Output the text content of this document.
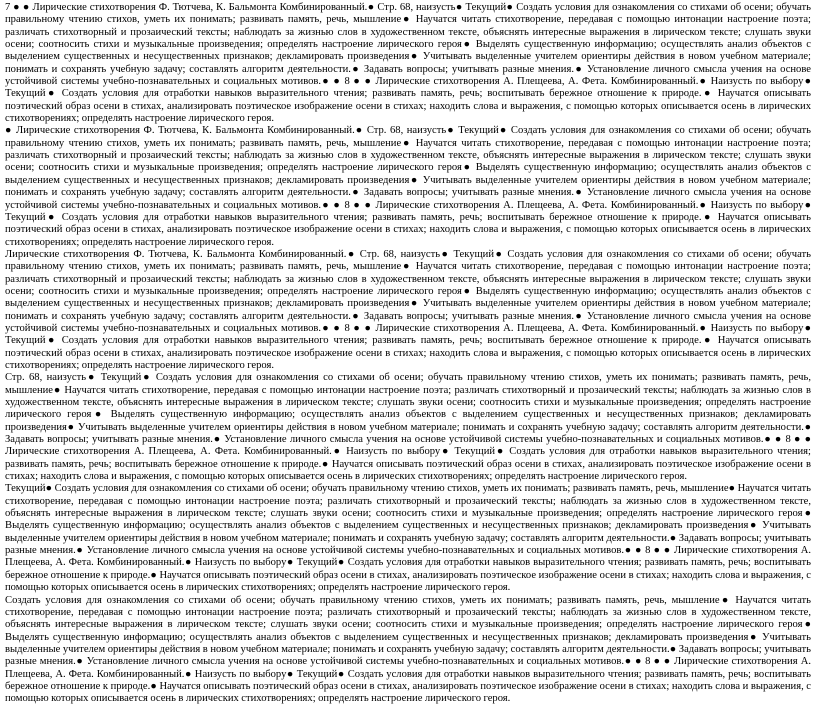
7 ● ● Лирические стихотворения Ф. Тютчева, К. Бальмонта Комбинированный.● Стр. 68, наизусть● Текущий● Создать условия для ознакомления со стихами об осени; обучать правильному чтению стихов, уметь их понимать; развивать память, речь, мышление● Научатся читать стихотворение, передавая с помощью интонации настроение поэта; различать стихотворный и прозаический тексты; наблюдать за жизнью слов в художественном тексте, объяснять интересные выражения в лирическом тексте; слушать звуки осени; соотносить стихи и музыкальные произведения; определять настроение лирического героя● Выделять существенную информацию; осуществлять анализ объектов с выделением существенных и несущественных признаков; декламировать произведения● Учитывать выделенные учителем ориентиры действия в новом учебном материале; понимать и сохранять учебную задачу; составлять алгоритм деятельности.● Задавать вопросы; учитывать разные мнения.● Установление личного смысла учения на основе устойчивой системы учебно-познавательных и социальных мотивов.● ● 8 ● ● Лирические стихотворения А. Плещеева, А. Фета. Комбинированный.● Наизусть по выбору● Текущий● Создать условия для отработки навыков выразительного чтения; развивать память, речь; воспитывать бережное отношение к природе.● Научатся описывать поэтический образ осени в стихах, анализировать поэтическое изображение осени в стихах; находить слова и выражения, с помощью которых описывается осень в лирических стихотворениях; определять настроение лирического героя.

● Лирические стихотворения Ф. Тютчева, К. Бальмонта Комбинированный.● Стр. 68, наизусть● Текущий● Создать условия для ознакомления со стихами об осени; обучать правильному чтению стихов, уметь их понимать; развивать память, речь, мышление● Научатся читать стихотворение, передавая с помощью интонации настроение поэта; различать стихотворный и прозаический тексты; наблюдать за жизнью слов в художественном тексте, объяснять интересные выражения в лирическом тексте; слушать звуки осени; соотносить стихи и музыкальные произведения; определять настроение лирического героя● Выделять существенную информацию; осуществлять анализ объектов с выделением существенных и несущественных признаков; декламировать произведения● Учитывать выделенные учителем ориентиры действия в новом учебном материале; понимать и сохранять учебную задачу; составлять алгоритм деятельности.● Задавать вопросы; учитывать разные мнения.● Установление личного смысла учения на основе устойчивой системы учебно-познавательных и социальных мотивов.● ● 8 ● ● Лирические стихотворения А. Плещеева, А. Фета. Комбинированный.● Наизусть по выбору● Текущий● Создать условия для отработки навыков выразительного чтения; развивать память, речь; воспитывать бережное отношение к природе.● Научатся описывать поэтический образ осени в стихах, анализировать поэтическое изображение осени в стихах; находить слова и выражения, с помощью которых описывается осень в лирических стихотворениях; определять настроение лирического героя.

Лирические стихотворения Ф. Тютчева, К. Бальмонта Комбинированный.● Стр. 68, наизусть● Текущий● Создать условия для ознакомления со стихами об осени; обучать правильному чтению стихов, уметь их понимать; развивать память, речь, мышление● Научатся читать стихотворение, передавая с помощью интонации настроение поэта; различать стихотворный и прозаический тексты; наблюдать за жизнью слов в художественном тексте, объяснять интересные выражения в лирическом тексте; слушать звуки осени; соотносить стихи и музыкальные произведения; определять настроение лирического героя● Выделять существенную информацию; осуществлять анализ объектов с выделением существенных и несущественных признаков; декламировать произведения● Учитывать выделенные учителем ориентиры действия в новом учебном материале; понимать и сохранять учебную задачу; составлять алгоритм деятельности.● Задавать вопросы; учитывать разные мнения.● Установление личного смысла учения на основе устойчивой системы учебно-познавательных и социальных мотивов.● ● 8 ● ● Лирические стихотворения А. Плещеева, А. Фета. Комбинированный.● Наизусть по выбору● Текущий● Создать условия для отработки навыков выразительного чтения; развивать память, речь; воспитывать бережное отношение к природе.● Научатся описывать поэтический образ осени в стихах, анализировать поэтическое изображение осени в стихах; находить слова и выражения, с помощью которых описывается осень в лирических стихотворениях; определять настроение лирического героя.

Стр. 68, наизусть● Текущий● Создать условия для ознакомления со стихами об осени; обучать правильному чтению стихов, уметь их понимать; развивать память, речь, мышление● Научатся читать стихотворение, передавая с помощью интонации настроение поэта; различать стихотворный и прозаический тексты; наблюдать за жизнью слов в художественном тексте, объяснять интересные выражения в лирическом тексте; слушать звуки осени; соотносить стихи и музыкальные произведения; определять настроение лирического героя● Выделять существенную информацию; осуществлять анализ объектов с выделением существенных и несущественных признаков; декламировать произведения● Учитывать выделенные учителем ориентиры действия в новом учебном материале; понимать и сохранять учебную задачу; составлять алгоритм деятельности.● Задавать вопросы; учитывать разные мнения.● Установление личного смысла учения на основе устойчивой системы учебно-познавательных и социальных мотивов.● ● 8 ● ● Лирические стихотворения А. Плещеева, А. Фета. Комбинированный.● Наизусть по выбору● Текущий● Создать условия для отработки навыков выразительного чтения; развивать память, речь; воспитывать бережное отношение к природе.● Научатся описывать поэтический образ осени в стихах, анализировать поэтическое изображение осени в стихах; находить слова и выражения, с помощью которых описывается осень в лирических стихотворениях; определять настроение лирического героя.

Текущий● Создать условия для ознакомления со стихами об осени; обучать правильному чтению стихов, уметь их понимать; развивать память, речь, мышление● Научатся читать стихотворение, передавая с помощью интонации настроение поэта; различать стихотворный и прозаический тексты; наблюдать за жизнью слов в художественном тексте, объяснять интересные выражения в лирическом тексте; слушать звуки осени; соотносить стихи и музыкальные произведения; определять настроение лирического героя● Выделять существенную информацию; осуществлять анализ объектов с выделением существенных и несущественных признаков; декламировать произведения● Учитывать выделенные учителем ориентиры действия в новом учебном материале; понимать и сохранять учебную задачу; составлять алгоритм деятельности.● Задавать вопросы; учитывать разные мнения.● Установление личного смысла учения на основе устойчивой системы учебно-познавательных и социальных мотивов.● ● 8 ● ● Лирические стихотворения А. Плещеева, А. Фета. Комбинированный.● Наизусть по выбору● Текущий● Создать условия для отработки навыков выразительного чтения; развивать память, речь; воспитывать бережное отношение к природе.● Научатся описывать поэтический образ осени в стихах, анализировать поэтическое изображение осени в стихах; находить слова и выражения, с помощью которых описывается осень в лирических стихотворениях; определять настроение лирического героя.

Создать условия для ознакомления со стихами об осени; обучать правильному чтению стихов, уметь их понимать; развивать память, речь, мышление● Научатся читать стихотворение, передавая с помощью интонации настроение поэта; различать стихотворный и прозаический тексты; наблюдать за жизнью слов в художественном тексте, объяснять интересные выражения в лирическом тексте; слушать звуки осени; соотносить стихи и музыкальные произведения; определять настроение лирического героя● Выделять существенную информацию; осуществлять анализ объектов с выделением существенных и несущественных признаков; декламировать произведения● Учитывать выделенные учителем ориентиры действия в новом учебном материале; понимать и сохранять учебную задачу; составлять алгоритм деятельности.● Задавать вопросы; учитывать разные мнения.● Установление личного смысла учения на основе устойчивой системы учебно-познавательных и социальных мотивов.● ● 8 ● ● Лирические стихотворения А. Плещеева, А. Фета. Комбинированный.● Наизусть по выбору● Текущий● Создать условия для отработки навыков выразительного чтения; развивать память, речь; воспитывать бережное отношение к природе.● Научатся описывать поэтический образ осени в стихах, анализировать поэтическое изображение осени в стихах; находить слова и выражения, с помощью которых описывается осень в лирических стихотворениях; определять настроение лирического героя.
